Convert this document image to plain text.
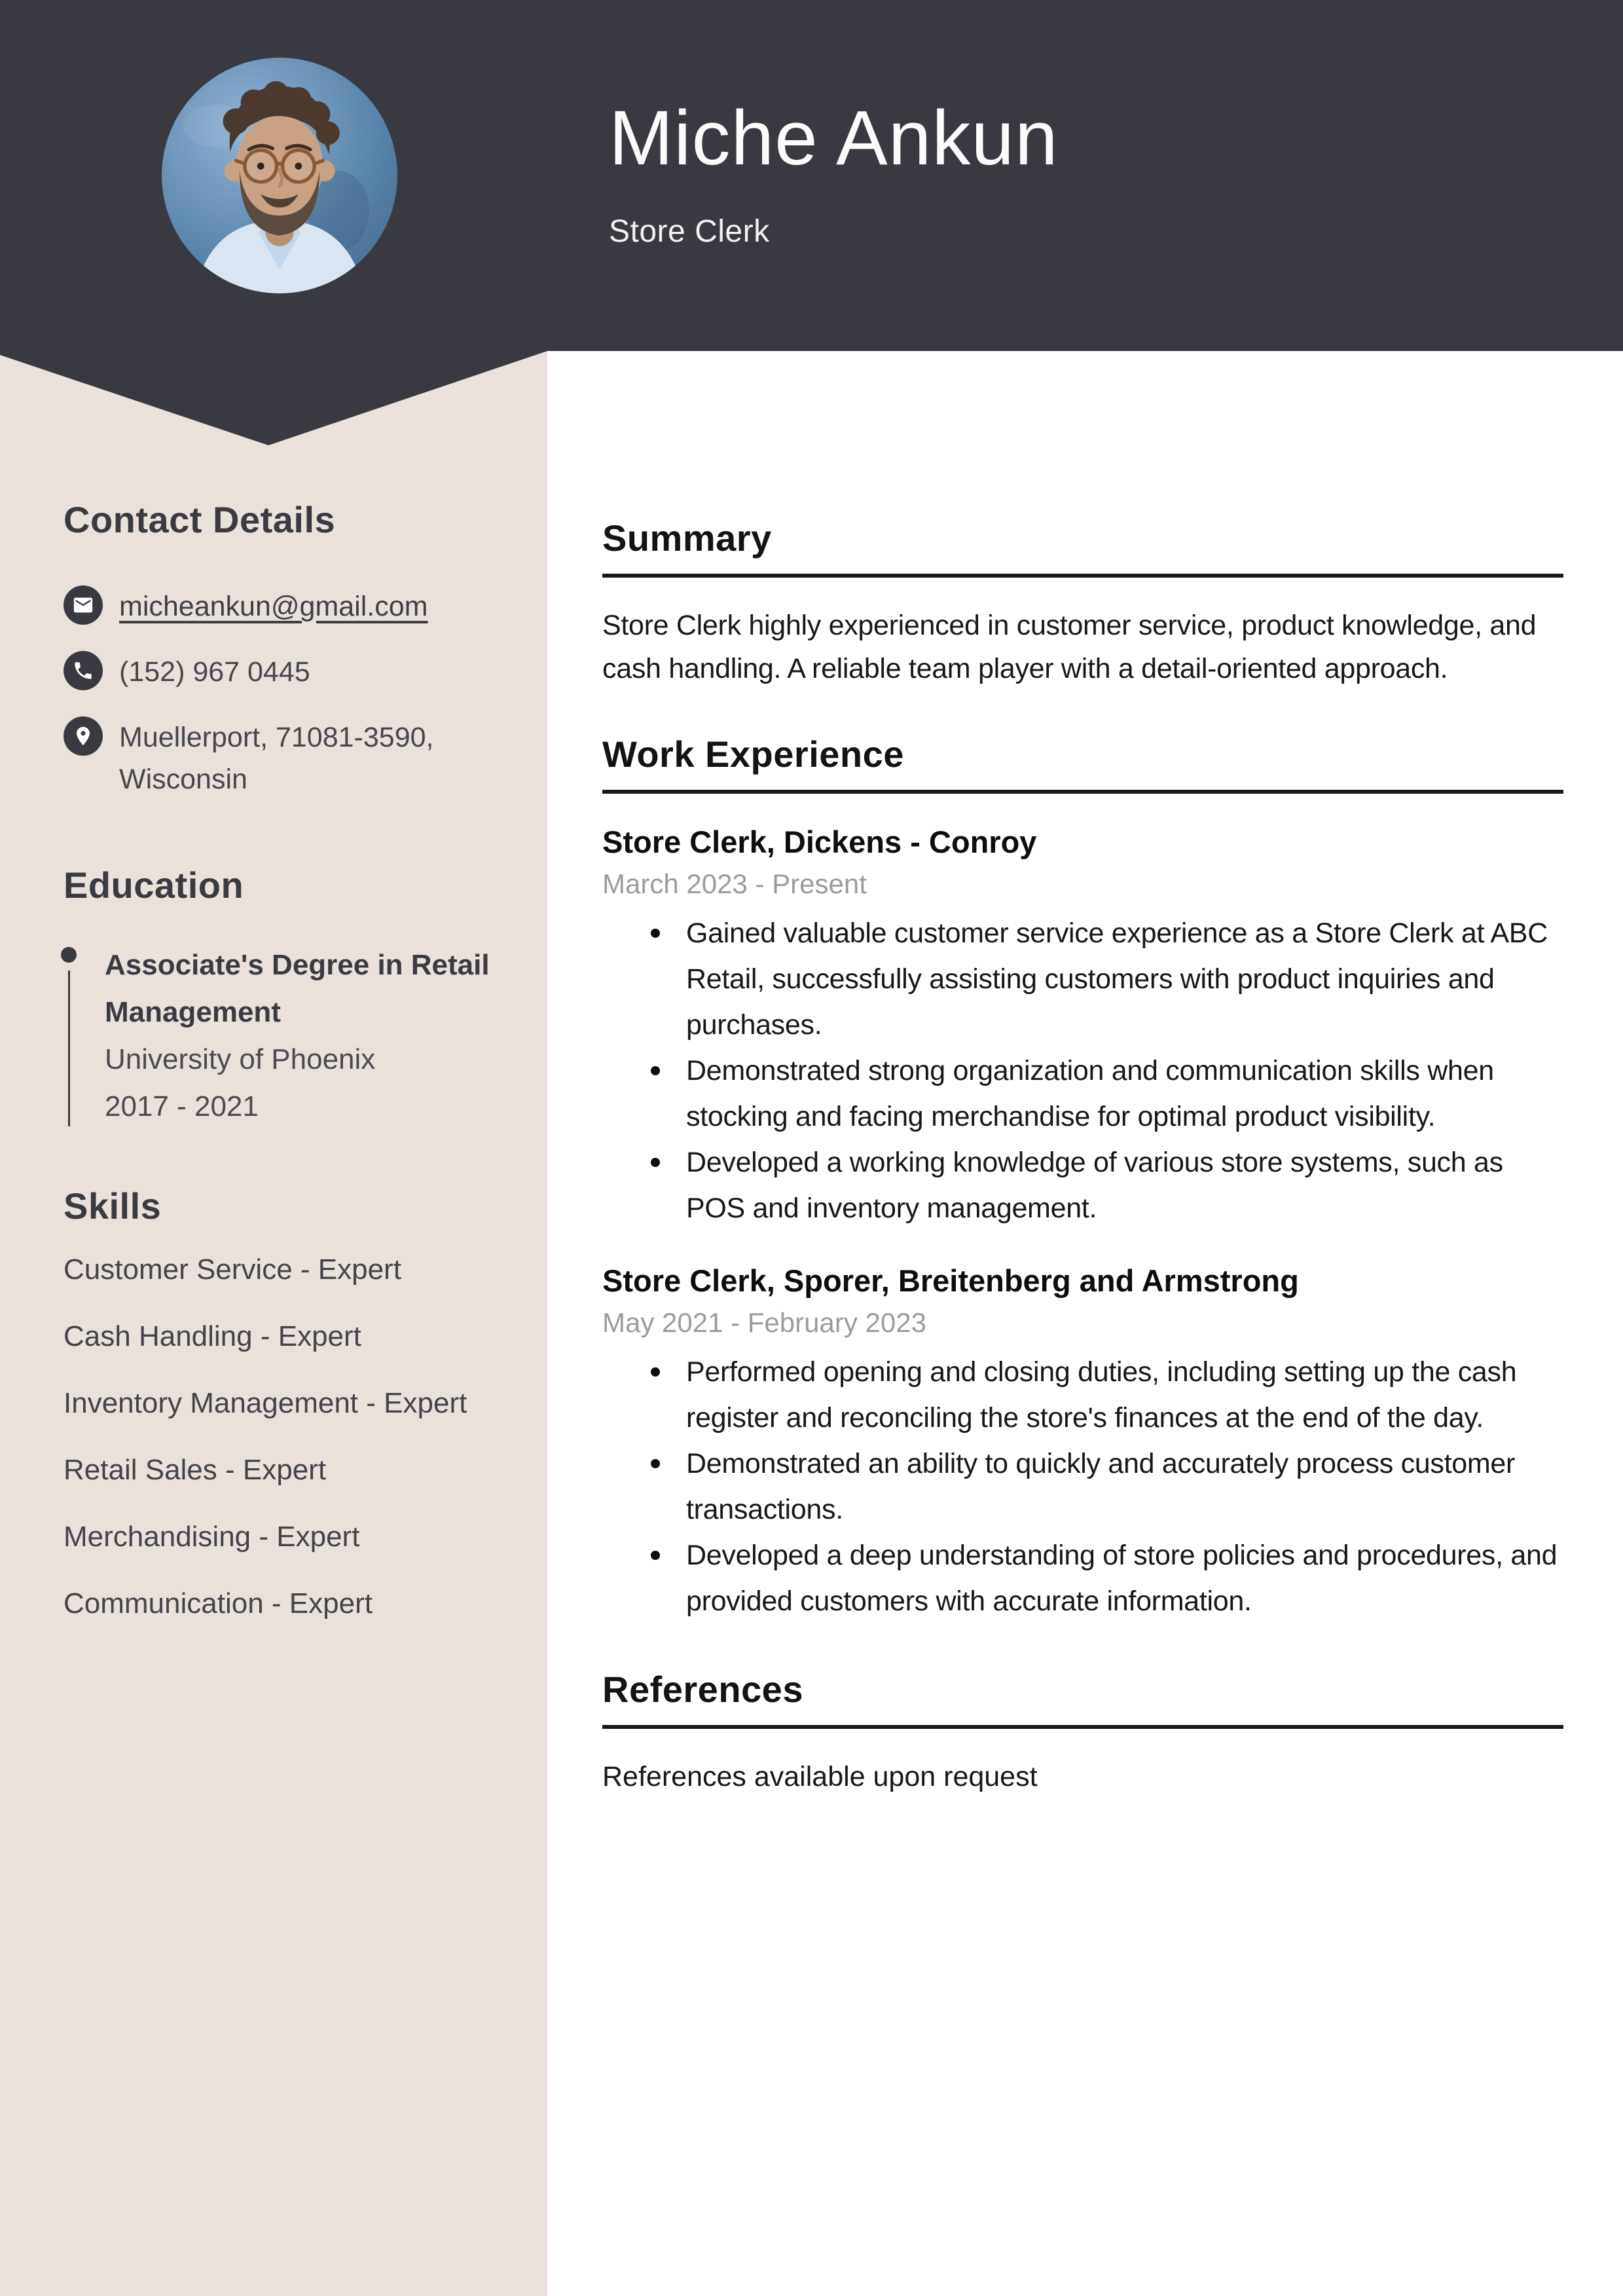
Miche Ankun
Store Clerk
Contact Details
micheankun@gmail.com
(152) 967 0445
Muellerport, 71081-3590, Wisconsin
Education
Associate's Degree in Retail Management
University of Phoenix
2017 - 2021
Skills
Customer Service - Expert
Cash Handling - Expert
Inventory Management - Expert
Retail Sales - Expert
Merchandising - Expert
Communication - Expert
Summary

Store Clerk highly experienced in customer service, product knowledge, and cash handling. A reliable team player with a detail-oriented approach.

Work Experience
Store Clerk, Dickens - Conroy
March 2023 - Present
Gained valuable customer service experience as a Store Clerk at ABC Retail, successfully assisting customers with product inquiries and purchases.
Demonstrated strong organization and communication skills when stocking and facing merchandise for optimal product visibility.
Developed a working knowledge of various store systems, such as POS and inventory management.
Store Clerk, Sporer, Breitenberg and Armstrong
May 2021 - February 2023
Performed opening and closing duties, including setting up the cash register and reconciling the store's finances at the end of the day.
Demonstrated an ability to quickly and accurately process customer transactions.
Developed a deep understanding of store policies and procedures, and provided customers with accurate information.
References

References available upon request
